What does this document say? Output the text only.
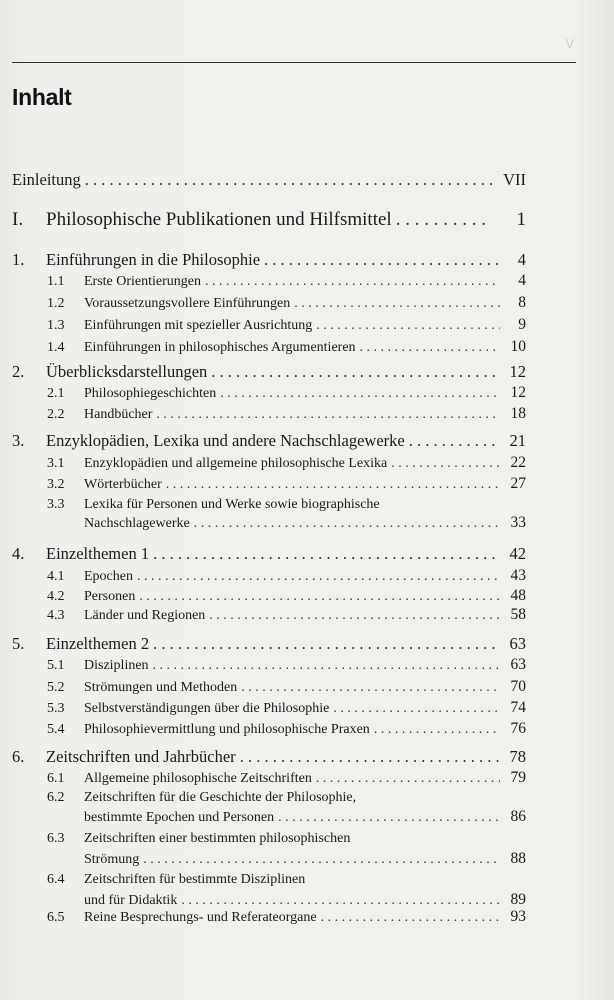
V
Inhalt
Einleitung . . .	VII
I.	Philosophische Publikationen und Hilfsmittel . . .	1
1.	Einführungen in die Philosophie . . .	4
1.1	Erste Orientierungen . . .	4
1.2	Voraussetzungsvollere Einführungen . . .	8
1.3	Einführungen mit spezieller Ausrichtung . . .	9
1.4	Einführungen in philosophisches Argumentieren . . .	10
2.	Überblicksdarstellungen . . .	12
2.1	Philosophiegeschichten . . .	12
2.2	Handbücher . . .	18
3.	Enzyklopädien, Lexika und andere Nachschlagewerke . . .	21
3.1	Enzyklopädien und allgemeine philosophische Lexika . . .	22
3.2	Wörterbücher . . .	27
3.3	Lexika für Personen und Werke sowie biographische
Nachschlagewerke . . .	33
4.	Einzelthemen 1 . . .	42
4.1	Epochen . . .	43
4.2	Personen . . .	48
4.3	Länder und Regionen . . .	58
5.	Einzelthemen 2 . . .	63
5.1	Disziplinen . . .	63
5.2	Strömungen und Methoden . . .	70
5.3	Selbstverständigungen über die Philosophie . . .	74
5.4	Philosophievermittlung und philosophische Praxen . . .	76
6.	Zeitschriften und Jahrbücher . . .	78
6.1	Allgemeine philosophische Zeitschriften . . .	79
6.2	Zeitschriften für die Geschichte der Philosophie,
bestimmte Epochen und Personen . . .	86
6.3	Zeitschriften einer bestimmten philosophischen
Strömung . . .	88
6.4	Zeitschriften für bestimmte Disziplinen
und für Didaktik . . .	89
6.5	Reine Besprechungs- und Referateorgane . . .	93
